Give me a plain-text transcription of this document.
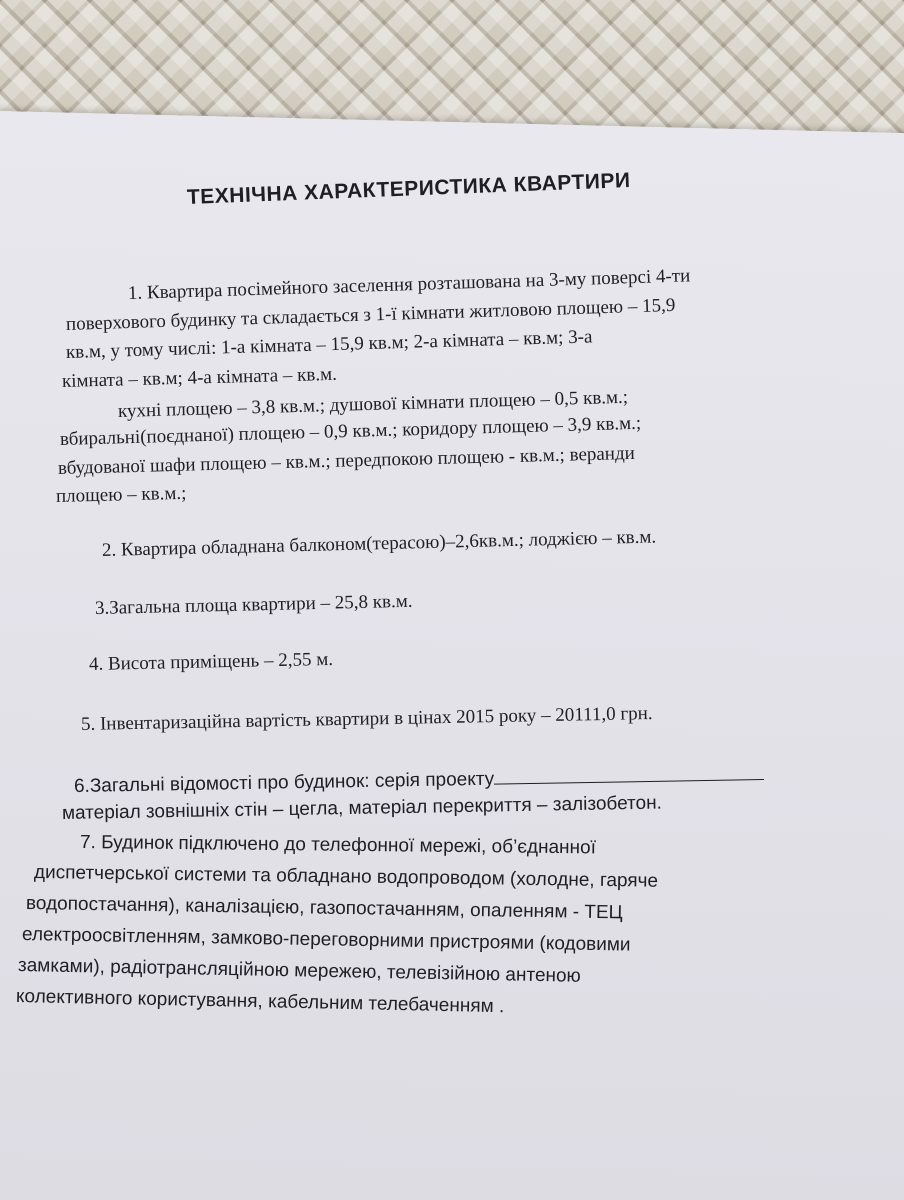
ТЕХНІЧНА ХАРАКТЕРИСТИКА КВАРТИРИ
1. Квартира посімейного заселення розташована на 3-му поверсі 4-ти
поверхового будинку та складається з 1-ї кімнати житловою площею – 15,9
кв.м, у тому числі: 1-а кімната – 15,9 кв.м; 2-а кімната – кв.м; 3-а
кімната – кв.м; 4-а кімната – кв.м.
кухні площею – 3,8 кв.м.; душової кімнати площею – 0,5 кв.м.;
вбиральні(поєднаної) площею – 0,9 кв.м.; коридору площею – 3,9 кв.м.;
вбудованої шафи площею – кв.м.; передпокою площею - кв.м.; веранди
площею – кв.м.;
2. Квартира обладнана балконом(терасою)–2,6кв.м.; лоджією – кв.м.
3.Загальна площа квартири – 25,8 кв.м.
4. Висота приміщень – 2,55 м.
5. Інвентаризаційна вартість квартири в цінах 2015 року – 20111,0 грн.
6.Загальні відомості про будинок: серія проекту
матеріал зовнішніх стін – цегла, матеріал перекриття – залізобетон.
7. Будинок підключено до телефонної мережі, об’єднанної
диспетчерської системи та обладнано водопроводом (холодне, гаряче
водопостачання), каналізацією, газопостачанням, опаленням - ТЕЦ
електроосвітленням, замково-переговорними пристроями (кодовими
замками), радіотрансляційною мережею, телевізійною антеною
колективного користування, кабельним телебаченням .
